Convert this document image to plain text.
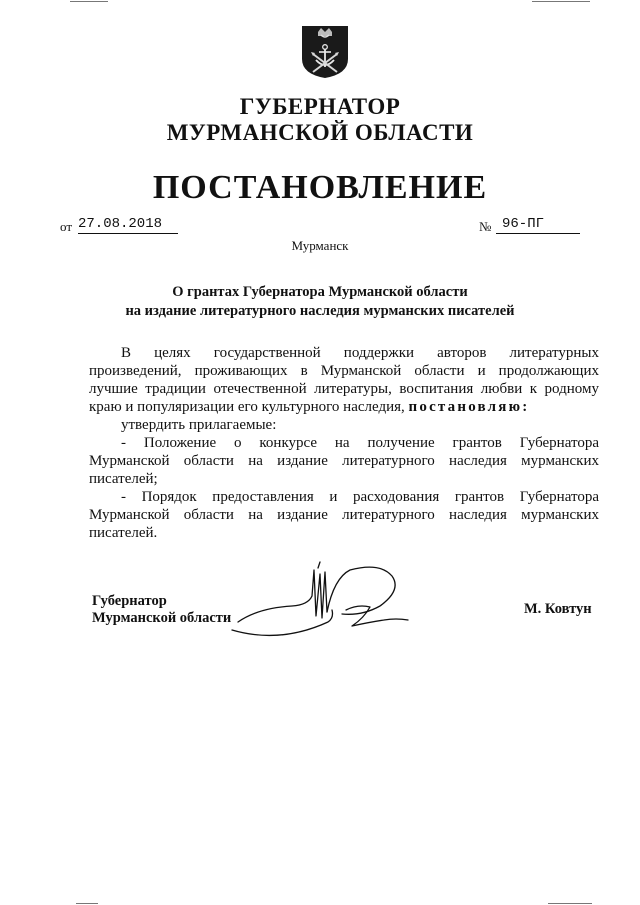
ГУБЕРНАТОР
МУРМАНСКОЙ ОБЛАСТИ
ПОСТАНОВЛЕНИЕ
от 27.08.2018	№ 96-ПГ
Мурманск
О грантах Губернатора Мурманской области
на издание литературного наследия мурманских писателей
В целях государственной поддержки авторов литературных
произведений, проживающих в Мурманской области и продолжающих
лучшие традиции отечественной литературы, воспитания любви к родному
краю и популяризации его культурного наследия, постановляю:
утвердить прилагаемые:
- Положение о конкурсе на получение грантов Губернатора
Мурманской области на издание литературного наследия мурманских
писателей;
- Порядок предоставления и расходования грантов Губернатора
Мурманской области на издание литературного наследия мурманских
писателей.
Губернатор
Мурманской области
М. Ковтун
